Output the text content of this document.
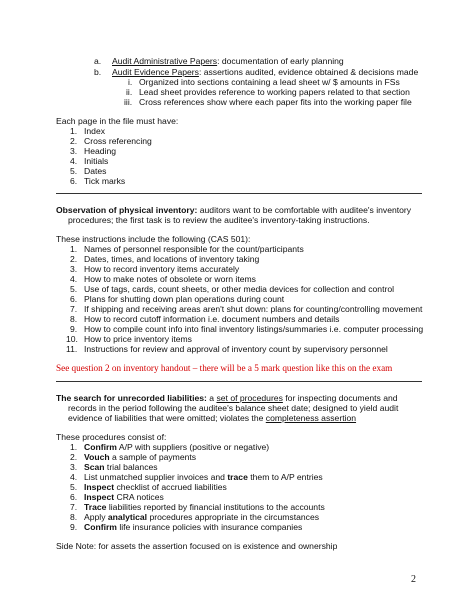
a. Audit Administrative Papers: documentation of early planning
b. Audit Evidence Papers: assertions audited, evidence obtained & decisions made
i. Organized into sections containing a lead sheet w/ $ amounts in FSs
ii. Lead sheet provides reference to working papers related to that section
iii. Cross references show where each paper fits into the working paper file
Each page in the file must have:
1. Index
2. Cross referencing
3. Heading
4. Initials
5. Dates
6. Tick marks
Observation of physical inventory: auditors want to be comfortable with auditee's inventory
procedures; the first task is to review the auditee's inventory-taking instructions.
These instructions include the following (CAS 501):
1. Names of personnel responsible for the count/participants
2. Dates, times, and locations of inventory taking
3. How to record inventory items accurately
4. How to make notes of obsolete or worn items
5. Use of tags, cards, count sheets, or other media devices for collection and control
6. Plans for shutting down plan operations during count
7. If shipping and receiving areas aren't shut down: plans for counting/controlling movement
8. How to record cutoff information i.e. document numbers and details
9. How to compile count info into final inventory listings/summaries i.e. computer processing
10. How to price inventory items
11. Instructions for review and approval of inventory count by supervisory personnel
See question 2 on inventory handout – there will be a 5 mark question like this on the exam
The search for unrecorded liabilities: a set of procedures for inspecting documents and
records in the period following the auditee's balance sheet date; designed to yield audit
evidence of liabilities that were omitted; violates the completeness assertion
These procedures consist of:
1. Confirm A/P with suppliers (positive or negative)
2. Vouch a sample of payments
3. Scan trial balances
4. List unmatched supplier invoices and trace them to A/P entries
5. Inspect checklist of accrued liabilities
6. Inspect CRA notices
7. Trace liabilities reported by financial institutions to the accounts
8. Apply analytical procedures appropriate in the circumstances
9. Confirm life insurance policies with insurance companies
Side Note: for assets the assertion focused on is existence and ownership
2
